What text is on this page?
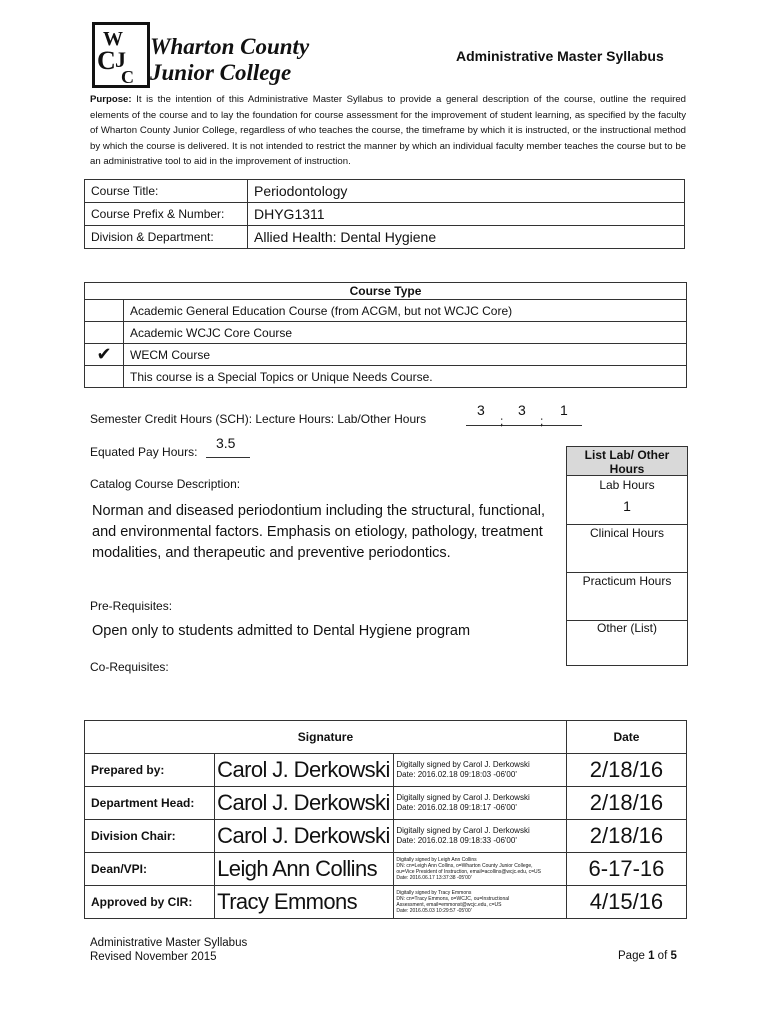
W
C J
C
Wharton County
Junior College
Administrative Master Syllabus
Purpose: It is the intention of this Administrative Master Syllabus to provide a general description of the course, outline the required elements of the course and to lay the foundation for course assessment for the improvement of student learning, as specified by the faculty of Wharton County Junior College, regardless of who teaches the course, the timeframe by which it is instructed, or the instructional method by which the course is delivered. It is not intended to restrict the manner by which an individual faculty member teaches the course but to be an administrative tool to aid in the improvement of instruction.
Course Title:	Periodontology
Course Prefix & Number:	DHYG1311
Division & Department:	Allied Health: Dental Hygiene
Course Type	
	Academic General Education Course (from ACGM, but not WCJC Core)
	Academic WCJC Core Course
✔	WECM Course
	This course is a Special Topics or Unique Needs Course.
Semester Credit Hours (SCH): Lecture Hours: Lab/Other Hours
3
;
3
;
1
Equated Pay Hours:
3.5
Catalog Course Description:
Norman and diseased periodontium including the structural, functional, and environmental factors. Emphasis on etiology, pathology, treatment modalities, and therapeutic and preventive periodontics.
Pre-Requisites:
Open only to students admitted to Dental Hygiene program
Co-Requisites:
List Lab/ Other Hours
Lab Hours
1
Clinical Hours
Practicum Hours
Other (List)
Signature			Date
Prepared by:	Carol J. Derkowski	Digitally signed by Carol J. Derkowski
Date: 2016.02.18 09:18:03 -06'00'	2/18/16
Department Head:	Carol J. Derkowski	Digitally signed by Carol J. Derkowski
Date: 2016.02.18 09:18:17 -06'00'	2/18/16
Division Chair:	Carol J. Derkowski	Digitally signed by Carol J. Derkowski
Date: 2016.02.18 09:18:33 -06'00'	2/18/16
Dean/VPI:	Leigh Ann Collins	Digitally signed by Leigh Ann Collins
DN: cn=Leigh Ann Collins, o=Wharton County Junior College,
ou=Vice President of Instruction, email=acollins@wcjc.edu, c=US
Date: 2016.06.17 13:37:38 -05'00'	6-17-16
Approved by CIR:	Tracy Emmons	Digitally signed by Tracy Emmons
DN: cn=Tracy Emmons, o=WCJC, ou=Instructional
Assessment, email=emmonst@wcjc.edu, c=US
Date: 2016.05.03 10:29:57 -05'00'	4/15/16
Administrative Master Syllabus
Revised November 2015	Page 1 of 5
